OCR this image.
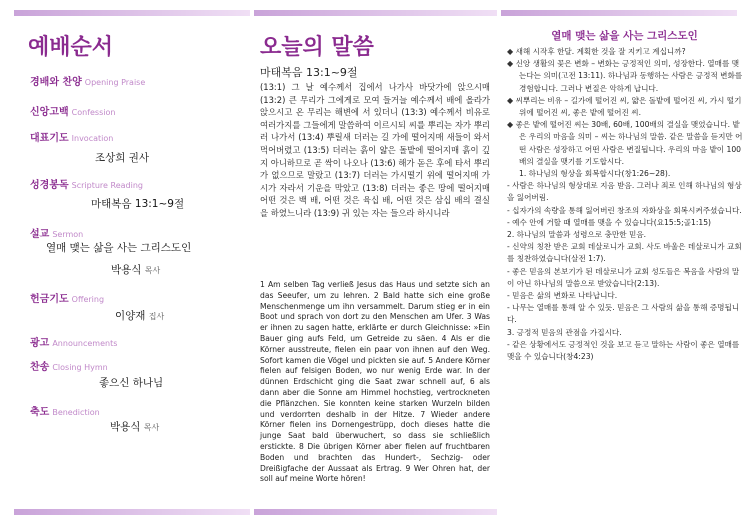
예배순서
경배와 찬양 Opening Praise
신앙고백 Confession
대표기도 Invocation
조상희 권사
성경봉독 Scripture Reading
마태복음 13:1~9절
설교 Sermon
열매 맺는 삶을 사는 그리스도인
박용식 목사
헌금기도 Offering
이양재 집사
광고 Announcements
찬송 Closing Hymn
좋으신 하나님
축도 Benediction
박용식 목사
오늘의 말씀
마태복음 13:1~9절
(13:1) 그 날 예수께서 집에서 나가사 바닷가에 앉으시매 (13:2) 큰 무리가 그에게로 모여 들거늘 예수께서 배에 올라가 앉으시고 온 무리는 해변에 서 있더니 (13:3) 예수께서 비유로 여러가지를 그들에게 말씀하여 이르시되 씨를 뿌리는 자가 뿌리러 나가서 (13:4) 뿌릴새 더러는 길 가에 떨어지매 새들이 와서 먹어버렸고 (13:5) 더러는 흙이 얇은 돌밭에 떨어지매 흙이 깊지 아니하므로 곧 싹이 나오나 (13:6) 해가 돋은 후에 타서 뿌리가 없으므로 말랐고 (13:7) 더러는 가시떨기 위에 떨어지매 가시가 자라서 기운을 막았고 (13:8) 더러는 좋은 땅에 떨어지매 어떤 것은 백 배, 어떤 것은 육십 배, 어떤 것은 삼십 배의 결실을 하였느니라 (13:9) 귀 있는 자는 들으라 하시니라
1 Am selben Tag verließ Jesus das Haus und setzte sich an das Seeufer, um zu lehren. 2 Bald hatte sich eine große Menschenmenge um ihn versammelt. Darum stieg er in ein Boot und sprach von dort zu den Menschen am Ufer. 3 Was er ihnen zu sagen hatte, erklärte er durch Gleichnisse: »Ein Bauer ging aufs Feld, um Getreide zu säen. 4 Als er die Körner ausstreute, fielen ein paar von ihnen auf den Weg. Sofort kamen die Vögel und pickten sie auf. 5 Andere Körner fielen auf felsigen Boden, wo nur wenig Erde war. In der dünnen Erdschicht ging die Saat zwar schnell auf, 6 als dann aber die Sonne am Himmel hochstieg, vertrockneten die Pflänzchen. Sie konnten keine starken Wurzeln bilden und verdorrten deshalb in der Hitze. 7 Wieder andere Körner fielen ins Dornengestrüpp, doch dieses hatte die junge Saat bald überwuchert, so dass sie schließlich erstickte. 8 Die übrigen Körner aber fielen auf fruchtbaren Boden und brachten das Hundert-, Sechzig- oder Dreißigfache der Aussaat als Ertrag. 9 Wer Ohren hat, der soll auf meine Worte hören!
열매 맺는 삶을 사는 그리스도인

◆ 새해 시작후 한달. 계획한 것을 잘 지키고 계십니까?

◆ 신앙 생활의 꽃은 변화 – 변화는 긍정적인 의미, 성장한다. 열매를 맺는다는 의미(고전 13:11). 하나님과 동행하는 사람은 긍정적 변화를 경험합니다. 그러나 변질은 악하게 납니다.

◆ 씨뿌리는 비유 – 길가에 떨어진 씨, 얇은 돌밭에 떨어진 씨, 가시 떨기 위에 떨어진 씨, 좋은 밭에 떨어진 씨.

◆ 좋은 밭에 떨어진 씨는 30배, 60배, 100배의 결실을 맺었습니다. 밭은 우리의 마음을 의미 – 씨는 하나님의 말씀. 같은 말씀을 듣지만 어떤 사람은 성장하고 어떤 사람은 변질됩니다. 우리의 마음 밭이 100배의 결실을 맺기를 기도합시다.

1. 하나님의 형상을 회복합시다(창1:26~28).

- 사람은 하나님의 형상대로 지음 받음. 그러나 죄로 인해 하나님의 형상을 잃어버림.

- 십자가의 속량을 통해 잃어버린 창조의 자화상을 회복시켜주셨습니다.

- 예수 안에 거할 때 열매를 맺을 수 있습니다(요15:5;골1:15)

2. 하나님의 말씀과 성령으로 충만한 믿음.

- 신약의 칭찬 받은 교회 데살로니가 교회. 사도 바울은 데살로니가 교회를 칭찬하였습니다(살전 1:7).

- 좋은 믿음의 본보기가 된 데살로니가 교회 성도들은 복음을 사람의 말이 아닌 하나님의 말씀으로 받았습니다(2:13).

- 믿음은 삶의 변화로 나타납니다.

- 나무는 열매를 통해 알 수 있듯. 믿음은 그 사람의 삶을 통해 증명됩니다.

3. 긍정적 믿음의 관점을 가집시다.

- 같은 상황에서도 긍정적인 것을 보고 듣고 말하는 사람이 좋은 열매를 맺을 수 있습니다(창4:23)
